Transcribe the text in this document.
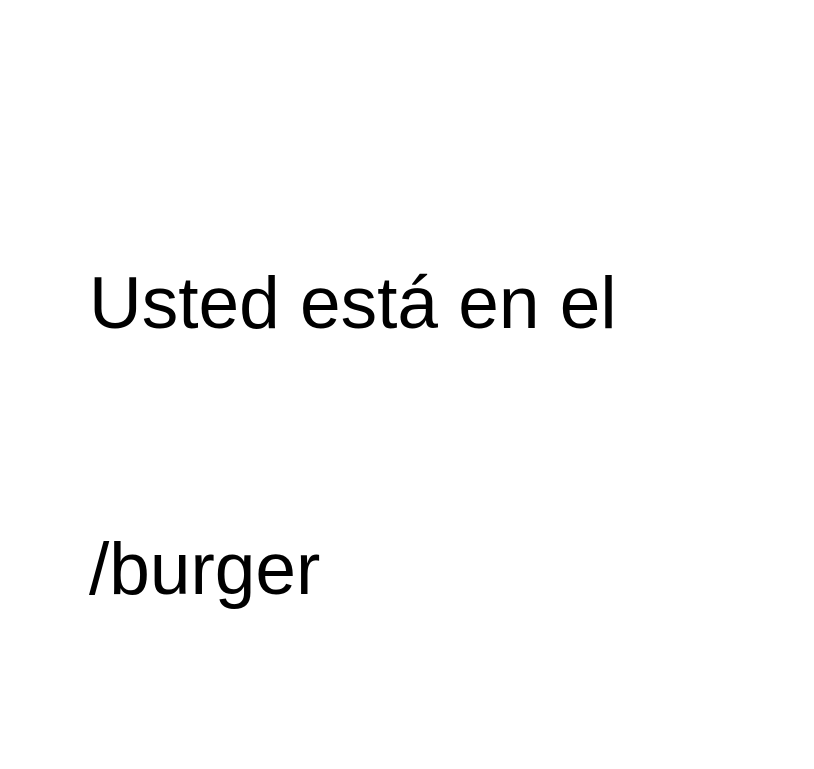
Usted está en el

/burger
